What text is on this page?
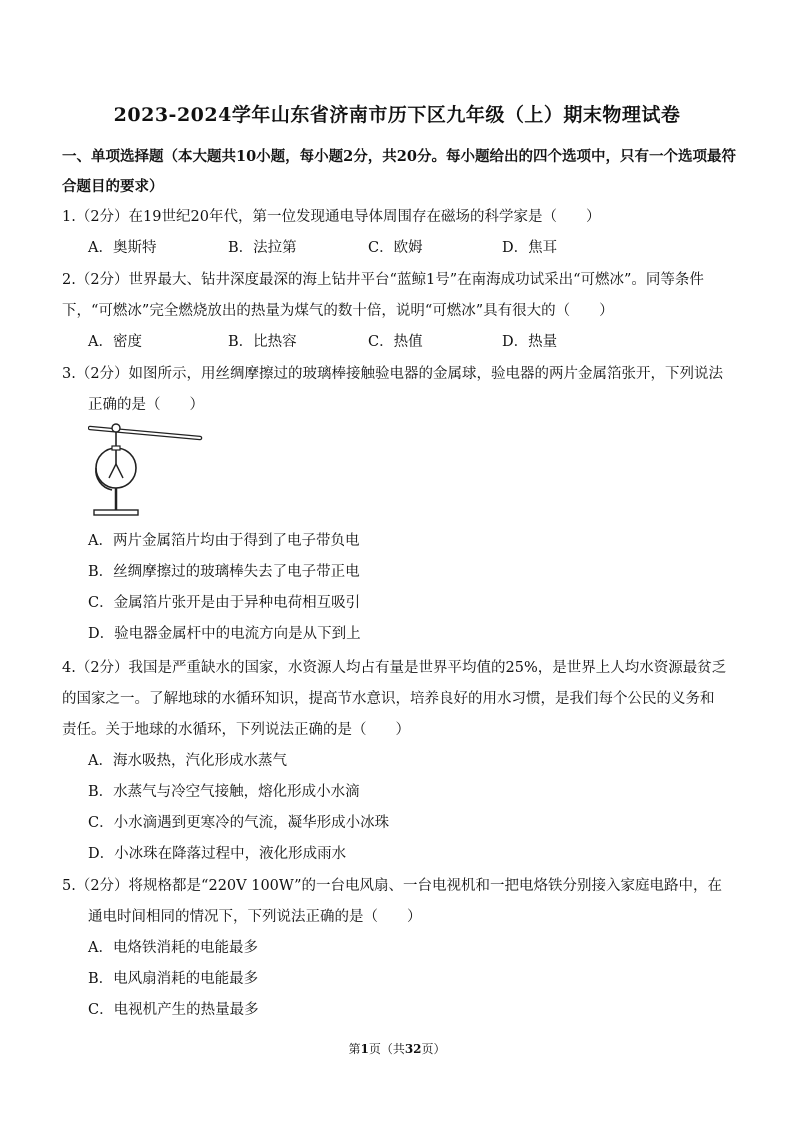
2023-2024学年山东省济南市历下区九年级（上）期末物理试卷
一、单项选择题（本大题共10小题，每小题2分，共20分。每小题给出的四个选项中，只有一个选项最符合题目的要求）
1.（2分）在19世纪20年代，第一位发现通电导体周围存在磁场的科学家是（　　）
A．奥斯特	B．法拉第	C．欧姆	D．焦耳
2.（2分）世界最大、钻井深度最深的海上钻井平台“蓝鲸1号”在南海成功试采出“可燃冰”。同等条件
下，“可燃冰”完全燃烧放出的热量为煤气的数十倍，说明“可燃冰”具有很大的（　　）
A．密度	B．比热容	C．热值	D．热量
3.（2分）如图所示，用丝绸摩擦过的玻璃棒接触验电器的金属球，验电器的两片金属箔张开，下列说法
正确的是（　　）
A．两片金属箔片均由于得到了电子带负电
B．丝绸摩擦过的玻璃棒失去了电子带正电
C．金属箔片张开是由于异种电荷相互吸引
D．验电器金属杆中的电流方向是从下到上
4.（2分）我国是严重缺水的国家，水资源人均占有量是世界平均值的25%，是世界上人均水资源最贫乏
的国家之一。了解地球的水循环知识，提高节水意识，培养良好的用水习惯，是我们每个公民的义务和
责任。关于地球的水循环，下列说法正确的是（　　）
A．海水吸热，汽化形成水蒸气
B．水蒸气与冷空气接触，熔化形成小水滴
C．小水滴遇到更寒冷的气流，凝华形成小冰珠
D．小冰珠在降落过程中，液化形成雨水
5.（2分）将规格都是“220V 100W”的一台电风扇、一台电视机和一把电烙铁分别接入家庭电路中，在
通电时间相同的情况下，下列说法正确的是（　　）
A．电烙铁消耗的电能最多
B．电风扇消耗的电能最多
C．电视机产生的热量最多
第1页（共32页）
